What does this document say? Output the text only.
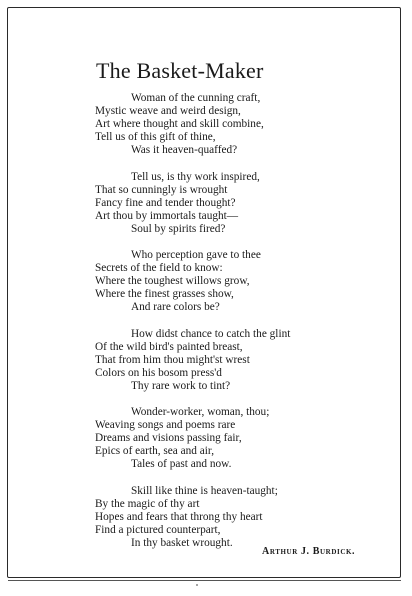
The Basket-Maker
Woman of the cunning craft,
Mystic weave and weird design,
Art where thought and skill combine,
Tell us of this gift of thine,
Was it heaven-quaffed?
Tell us, is thy work inspired,
That so cunningly is wrought
Fancy fine and tender thought?
Art thou by immortals taught—
Soul by spirits fired?
Who perception gave to thee
Secrets of the field to know:
Where the toughest willows grow,
Where the finest grasses show,
And rare colors be?
How didst chance to catch the glint
Of the wild bird's painted breast,
That from him thou might'st wrest
Colors on his bosom press'd
Thy rare work to tint?
Wonder-worker, woman, thou;
Weaving songs and poems rare
Dreams and visions passing fair,
Epics of earth, sea and air,
Tales of past and now.
Skill like thine is heaven-taught;
By the magic of thy art
Hopes and fears that throng thy heart
Find a pictured counterpart,
In thy basket wrought.
Arthur J. Burdick.
